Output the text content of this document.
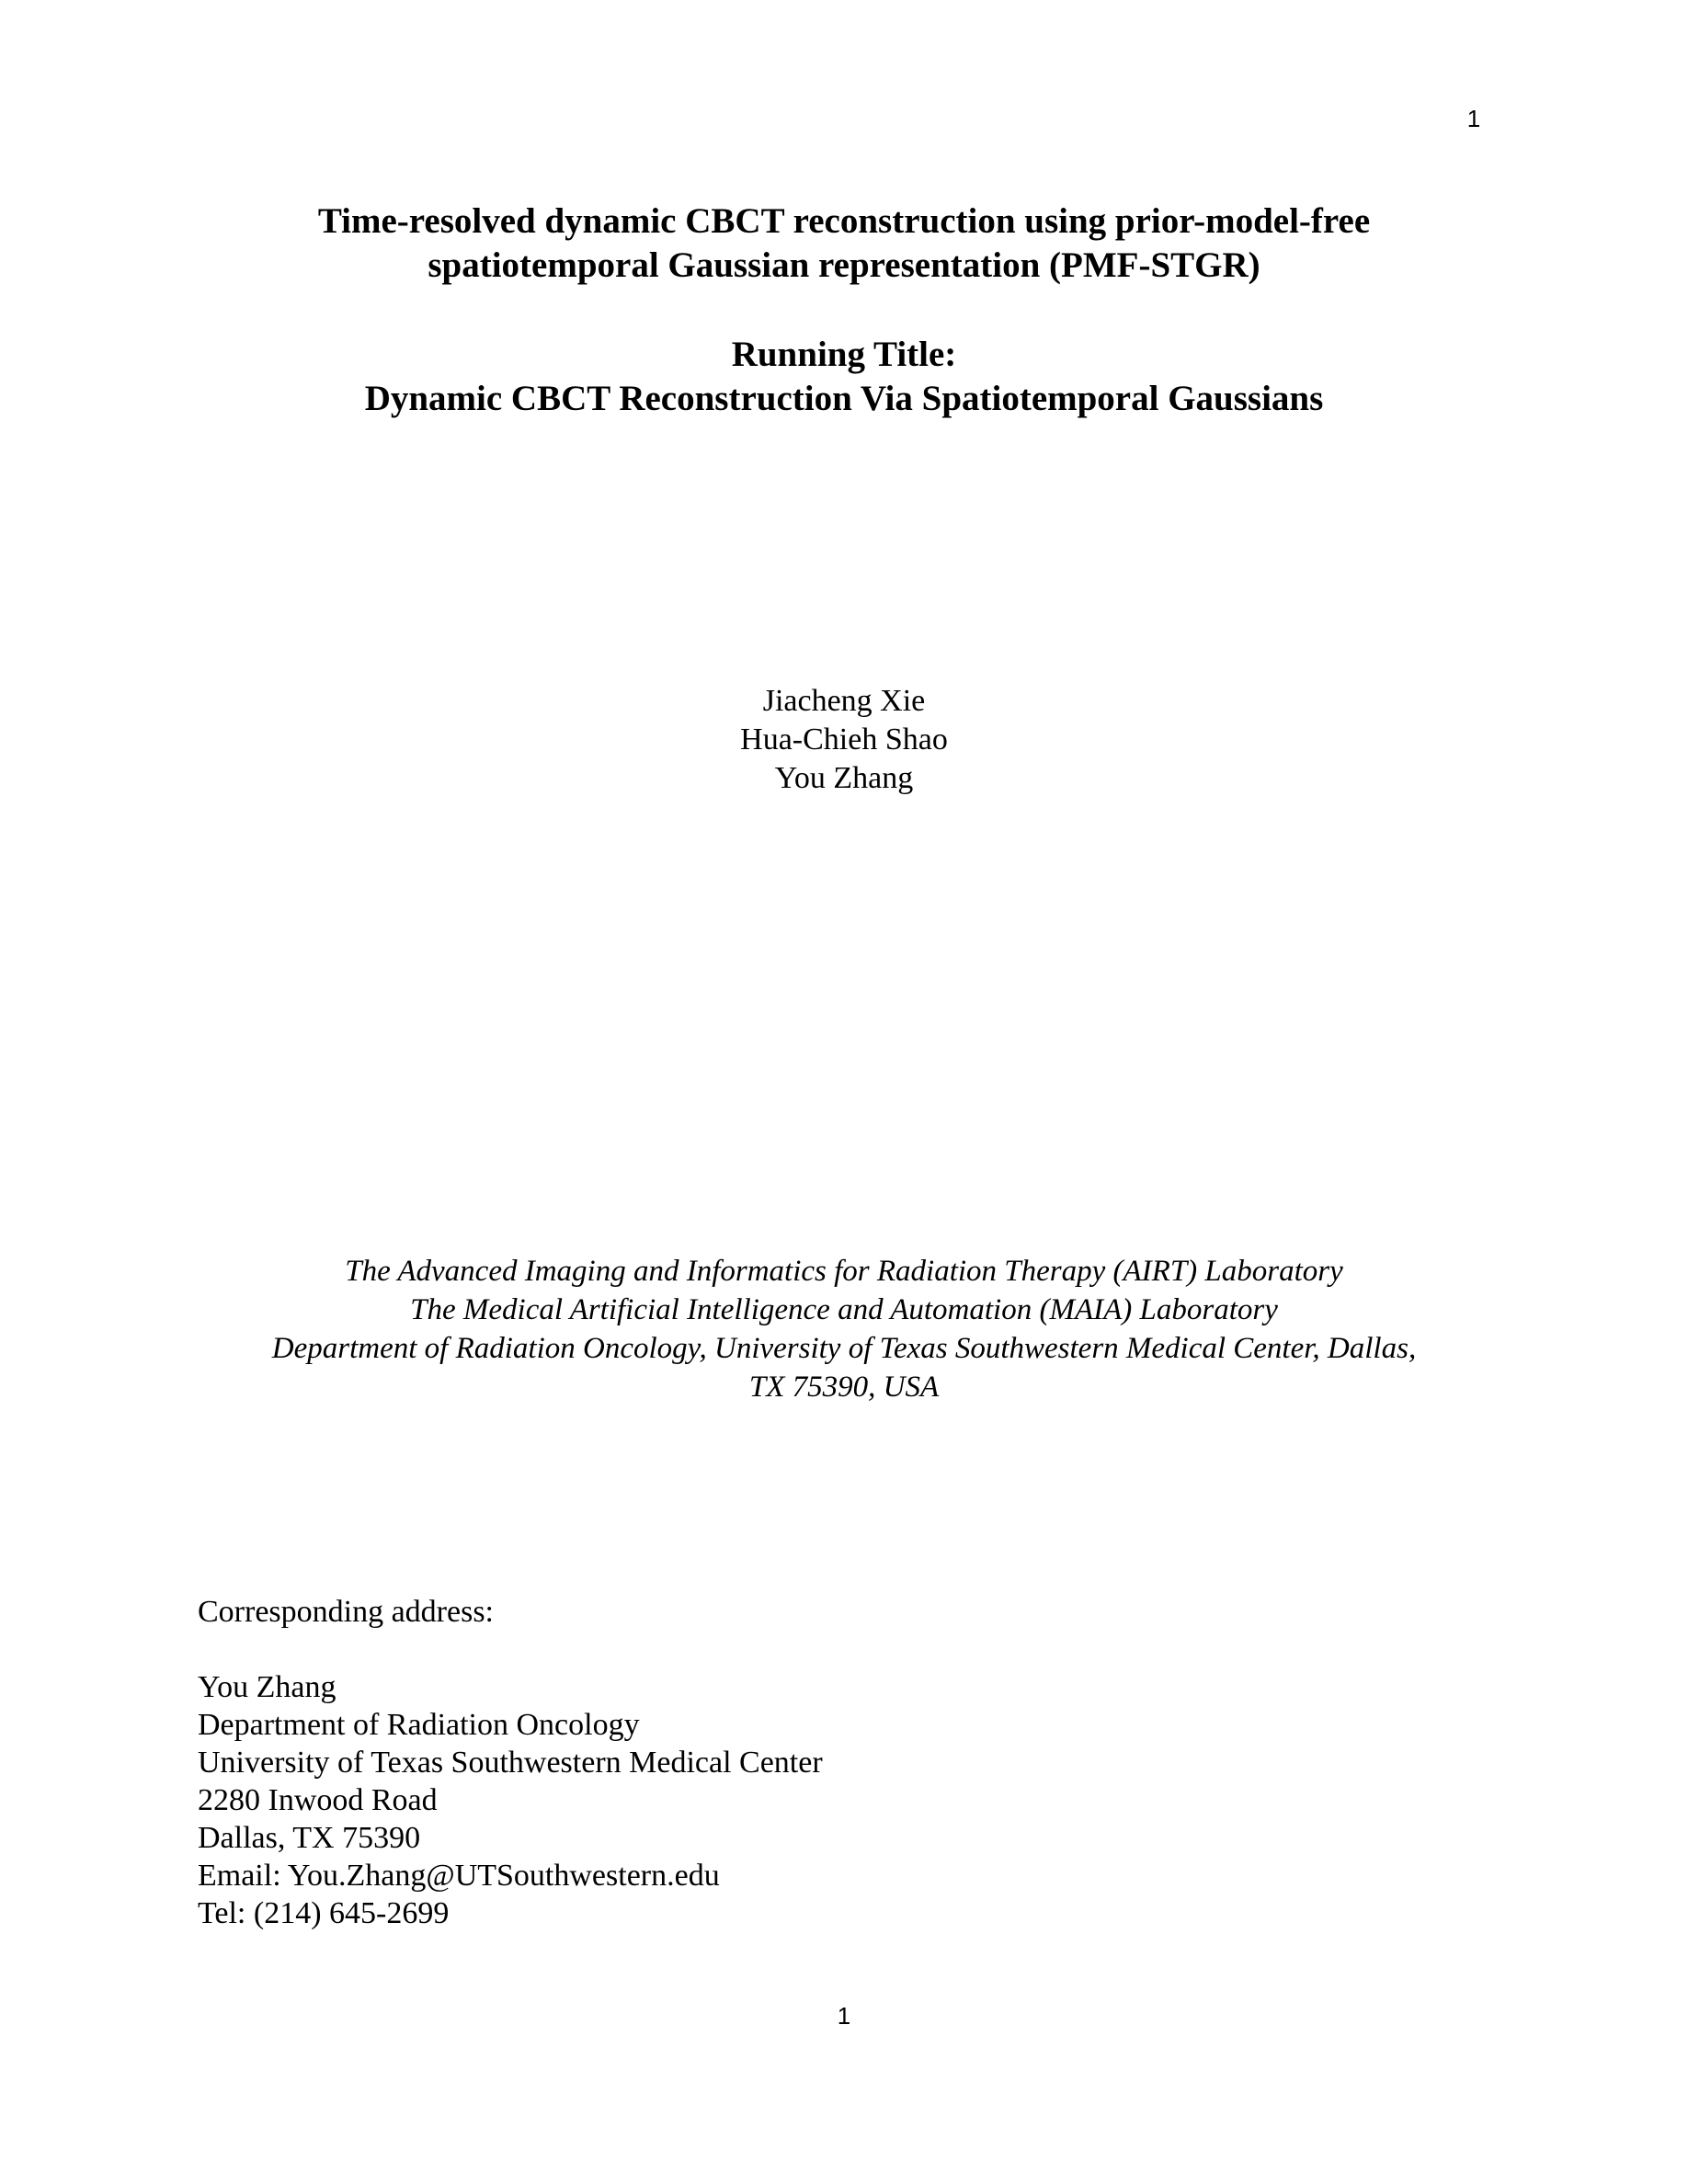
1
Time-resolved dynamic CBCT reconstruction using prior-model-free
spatiotemporal Gaussian representation (PMF-STGR)
Running Title:
Dynamic CBCT Reconstruction Via Spatiotemporal Gaussians
Jiacheng Xie
Hua-Chieh Shao
You Zhang
The Advanced Imaging and Informatics for Radiation Therapy (AIRT) Laboratory
The Medical Artificial Intelligence and Automation (MAIA) Laboratory
Department of Radiation Oncology, University of Texas Southwestern Medical Center, Dallas,
TX 75390, USA
Corresponding address:
You Zhang
Department of Radiation Oncology
University of Texas Southwestern Medical Center
2280 Inwood Road
Dallas, TX 75390
Email: You.Zhang@UTSouthwestern.edu
Tel: (214) 645-2699
1
